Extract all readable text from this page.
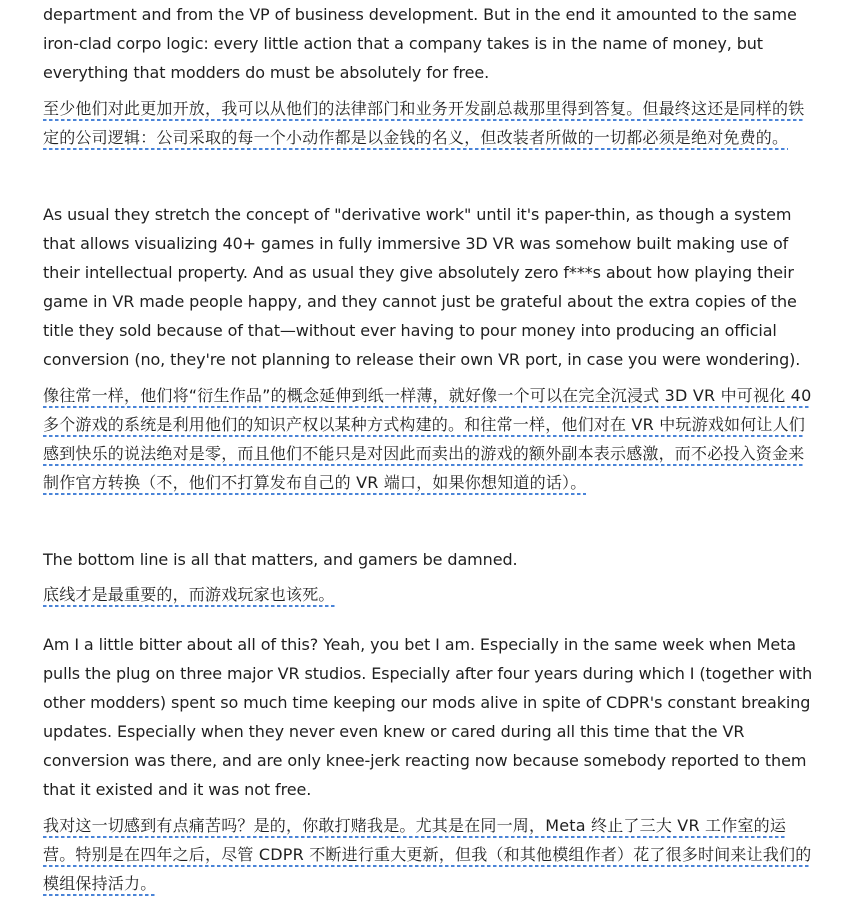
department and from the VP of business development. But in the end it amounted to the same iron-clad corpo logic: every little action that a company takes is in the name of money, but everything that modders do must be absolutely for free.

至少他们对此更加开放，我可以从他们的法律部门和业务开发副总裁那里得到答复。但最终这还是同样的铁定的公司逻辑：公司采取的每一个小动作都是以金钱的名义，但改装者所做的一切都必须是绝对免费的。

As usual they stretch the concept of "derivative work" until it's paper-thin, as though a system that allows visualizing 40+ games in fully immersive 3D VR was somehow built making use of their intellectual property. And as usual they give absolutely zero f***s about how playing their game in VR made people happy, and they cannot just be grateful about the extra copies of the title they sold because of that—without ever having to pour money into producing an official conversion (no, they're not planning to release their own VR port, in case you were wondering).

像往常一样，他们将“衍生作品”的概念延伸到纸一样薄，就好像一个可以在完全沉浸式 3D VR 中可视化 40 多个游戏的系统是利用他们的知识产权以某种方式构建的。和往常一样，他们对在 VR 中玩游戏如何让人们感到快乐的说法绝对是零，而且他们不能只是对因此而卖出的游戏的额外副本表示感激，而不必投入资金来制作官方转换（不，他们不打算发布自己的 VR 端口，如果你想知道的话）。

The bottom line is all that matters, and gamers be damned.

底线才是最重要的，而游戏玩家也该死。

Am I a little bitter about all of this? Yeah, you bet I am. Especially in the same week when Meta pulls the plug on three major VR studios. Especially after four years during which I (together with other modders) spent so much time keeping our mods alive in spite of CDPR's constant breaking updates. Especially when they never even knew or cared during all this time that the VR conversion was there, and are only knee-jerk reacting now because somebody reported to them that it existed and it was not free.

我对这一切感到有点痛苦吗？是的，你敢打赌我是。尤其是在同一周，Meta 终止了三大 VR 工作室的运营。特别是在四年之后，尽管 CDPR 不断进行重大更新，但我（和其他模组作者）花了很多时间来让我们的模组保持活力。
